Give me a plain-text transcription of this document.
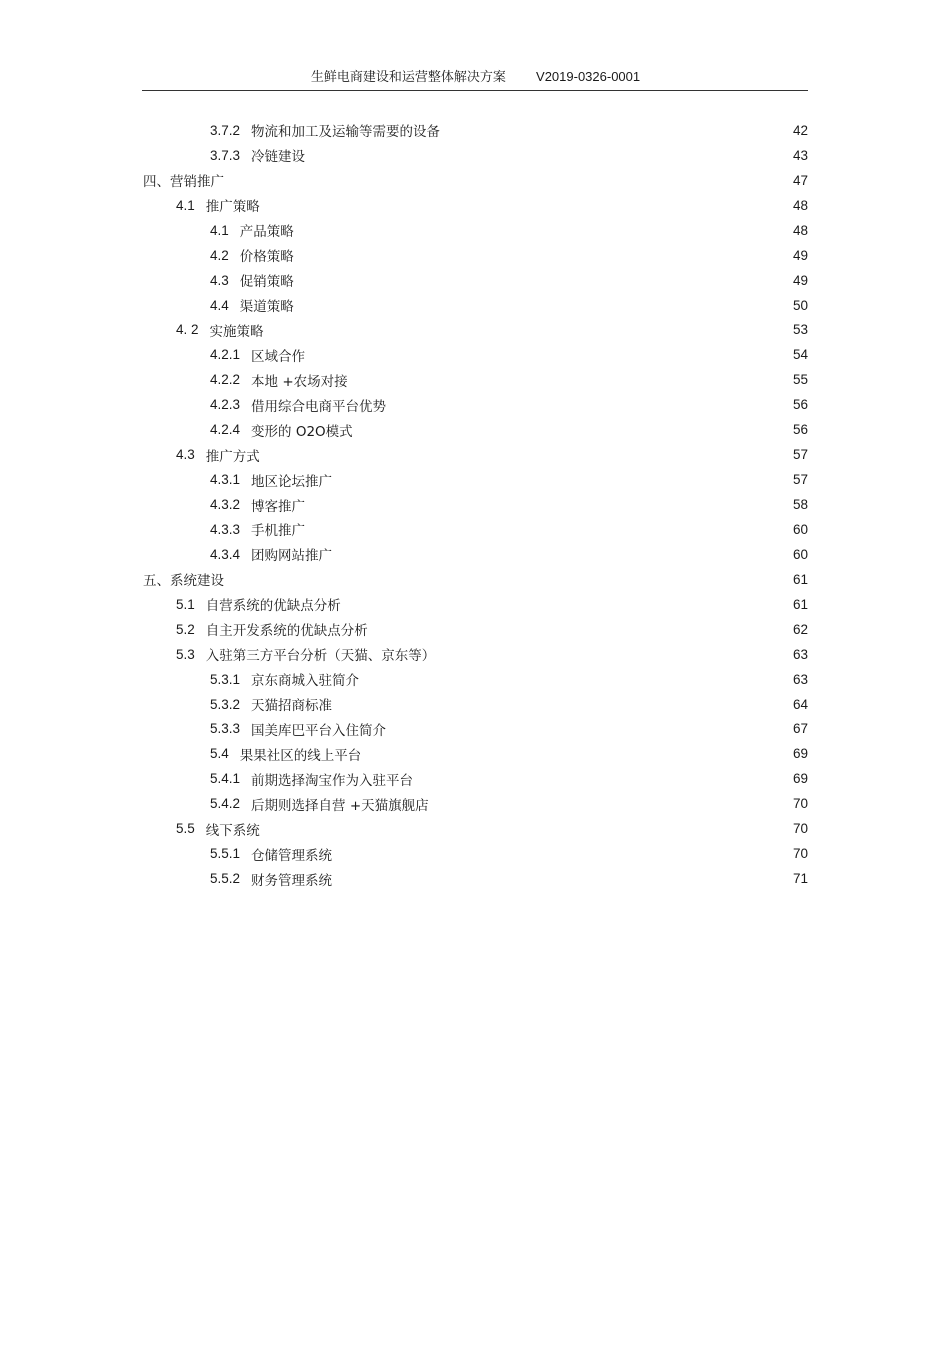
生鲜电商建设和运营整体解决方案 V2019-0326-0001
3.7.2 物流和加工及运输等需要的设备	42
3.7.3 冷链建设	43
四、营销推广	47
4.1 推广策略	48
4.1 产品策略	48
4.2 价格策略	49
4.3 促销策略	49
4.4 渠道策略	50
4. 2 实施策略	53
4.2.1 区域合作	54
4.2.2 本地 +农场对接	55
4.2.3 借用综合电商平台优势	56
4.2.4 变形的 O2O模式	56
4.3 推广方式	57
4.3.1 地区论坛推广	57
4.3.2 博客推广	58
4.3.3 手机推广	60
4.3.4 团购网站推广	60
五、系统建设	61
5.1 自营系统的优缺点分析	61
5.2 自主开发系统的优缺点分析	62
5.3 入驻第三方平台分析（天猫、京东等）	63
5.3.1 京东商城入驻简介	63
5.3.2 天猫招商标准	64
5.3.3 国美库巴平台入住简介	67
5.4 果果社区的线上平台	69
5.4.1 前期选择淘宝作为入驻平台	69
5.4.2 后期则选择自营 +天猫旗舰店	70
5.5 线下系统	70
5.5.1 仓储管理系统	70
5.5.2 财务管理系统	71
